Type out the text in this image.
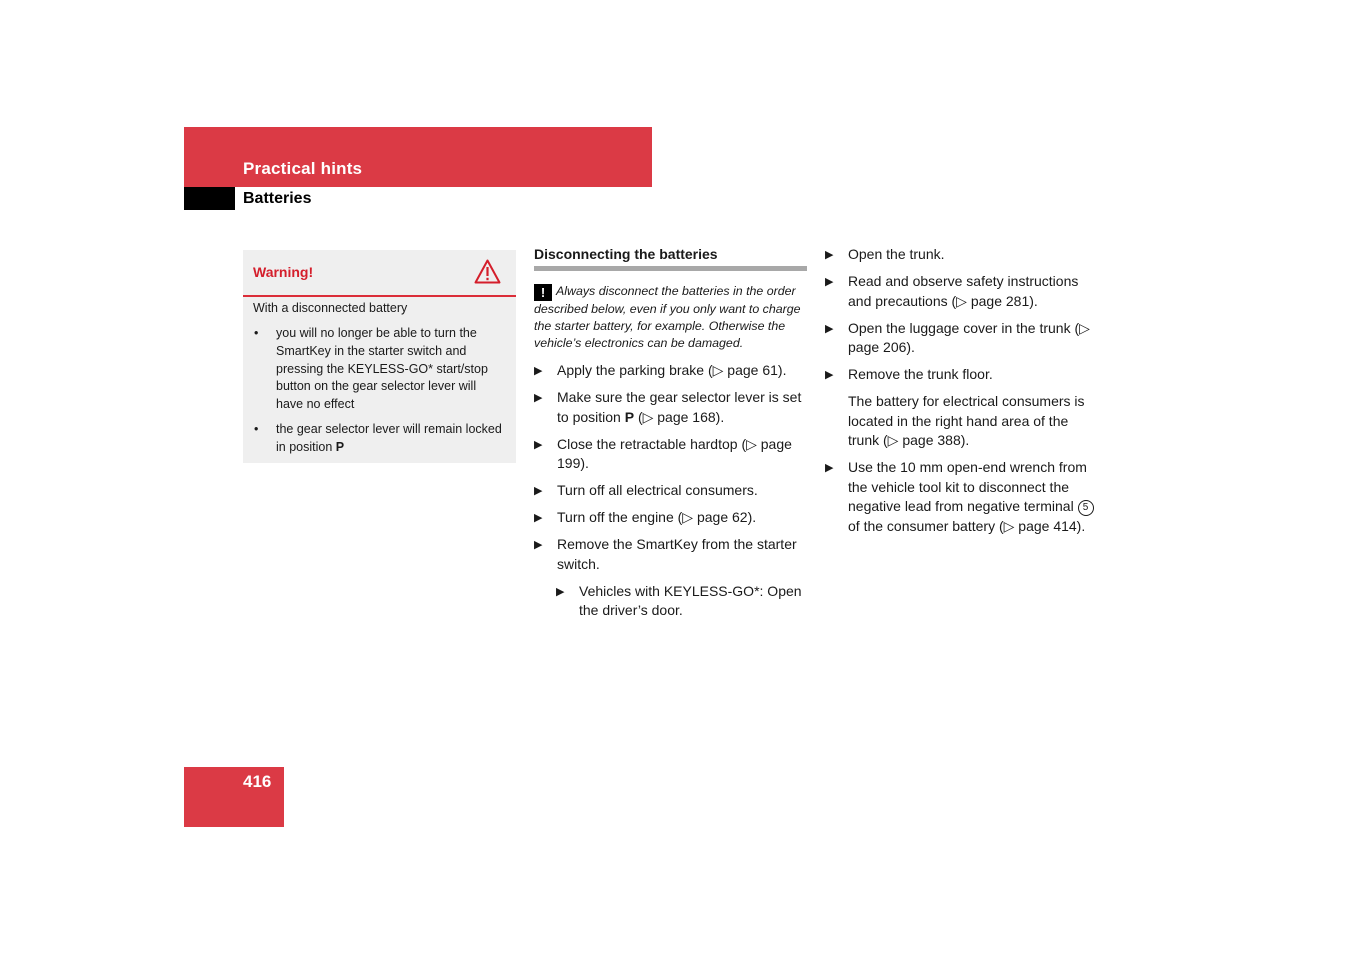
Practical hints
Batteries
Warning!

With a disconnected battery

• you will no longer be able to turn the SmartKey in the starter switch and pressing the KEYLESS-GO* start/stop button on the gear selector lever will have no effect
• the gear selector lever will remain locked in position P
Disconnecting the batteries

! Always disconnect the batteries in the order described below, even if you only want to charge the starter battery, for example. Otherwise the vehicle’s electronics can be damaged.

▶ Apply the parking brake (▷ page 61).
▶ Make sure the gear selector lever is set to position P (▷ page 168).
▶ Close the retractable hardtop (▷ page 199).
▶ Turn off all electrical consumers.
▶ Turn off the engine (▷ page 62).
▶ Remove the SmartKey from the starter switch.
▶ Vehicles with KEYLESS-GO*: Open the driver’s door.
▶ Open the trunk.
▶ Read and observe safety instructions and precautions (▷ page 281).
▶ Open the luggage cover in the trunk (▷ page 206).
▶ Remove the trunk floor.

The battery for electrical consumers is located in the right hand area of the trunk (▷ page 388).

▶ Use the 10 mm open-end wrench from the vehicle tool kit to disconnect the negative lead from negative terminal 5 of the consumer battery (▷ page 414).

416
